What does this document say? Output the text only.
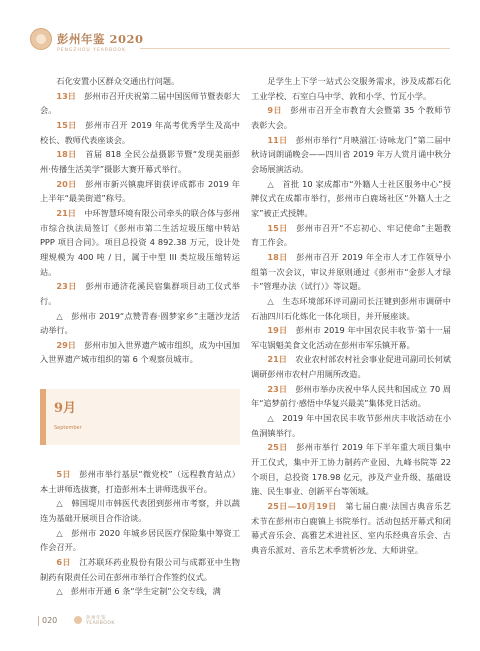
彭州年鉴 2020
PENGZHOU YEARBOOK

石化安置小区群众交通出行问题。

13日  彭州市召开庆祝第二届中国医师节暨表彰大会。

15日  彭州市召开 2019 年高考优秀学生及高中校长、教师代表座谈会。

18日  首届 818 全民公益摄影节暨“发现美丽彭州·传播生活美学”摄影大赛开幕式举行。

20日  彭州市新兴镇鹿坪街获评成都市 2019 年上半年“最美街道”称号。

21日  中环智慧环境有限公司牵头的联合体与彭州市综合执法局签订《彭州市第二生活垃圾压缩中转站 PPP 项目合同》。项目总投资 4 892.38 万元，设计处理规模为 400 吨 / 日，属于中型 III 类垃圾压缩转运站。

23日  彭州市通济花溪民宿集群项目动工仪式举行。

△  彭州市 2019“点赞青春·圆梦家乡”主题沙龙活动举行。

29日  彭州市加入世界遗产城市组织，成为中国加入世界遗产城市组织的第 6 个观察员城市。

9月
September

5日  彭州市举行基层“微党校”（远程教育站点）本土讲师选拔赛，打造彭州本土讲师选拔平台。

△  韩国堤川市韩医代表团到彭州市考察，并以蔬连为基础开展项目合作洽谈。

△  彭州市 2020 年城乡居民医疗保险集中筹资工作会召开。

6日  江苏联环药业股份有限公司与成都亚中生物制药有限责任公司在彭州市举行合作签约仪式。

△  彭州市开通 6 条“学生定制”公交专线，满

足学生上下学一站式公交服务需求，涉及成都石化工业学校、石室白马中学、敦和小学、竹瓦小学。

9日  彭州市召开全市教育大会暨第 35 个教师节表彰大会。

11日  彭州市举行“月映湔江·诗咏龙门”第二届中秋诗词朗诵晚会——四川省 2019 年万人赏月诵中秋分会场展演活动。

△  首批 10 家成都市“外籍人士社区服务中心”授牌仪式在成都市举行，彭州市白鹿场社区“外籍人士之家”被正式授牌。

15日  彭州市召开“不忘初心、牢记使命”主题教育工作会。

18日  彭州市召开 2019 年全市人才工作领导小组第一次会议，审议并原则通过《彭州市“金彭人才绿卡”管理办法（试行）》等议题。

△  生态环境部环评司副司长汪键到彭州市调研中石油四川石化炼化一体化项目，并开展座谈。

19日  彭州市 2019 年中国农民丰收节·第十一届军屯锅魁美食文化活动在彭州市军乐镇开幕。

21日  农业农村部农村社会事业促进司副司长何斌调研彭州市农村户用厕所改造。

23日  彭州市举办庆祝中华人民共和国成立 70 周年“追梦前行·感悟中华复兴最美”集体党日活动。

△  2019 年中国农民丰收节彭州庆丰收活动在小鱼洞镇举行。

25日  彭州市举行 2019 年下半年重大项目集中开工仪式，集中开工协力制药产业园、九峰书院等 22 个项目，总投资 178.98 亿元，涉及产业升级、基础设施、民生事业、创新平台等领域。

25日—10月19日  第七届白鹿·法国古典音乐艺术节在彭州市白鹿镇上书院举行。活动包括开幕式和闭幕式音乐会、高雅艺术进社区、室内乐经典音乐会、古典音乐派对、音乐艺术季赏析沙龙、大师讲堂。

020	彭州年鉴
YEARBOOK
